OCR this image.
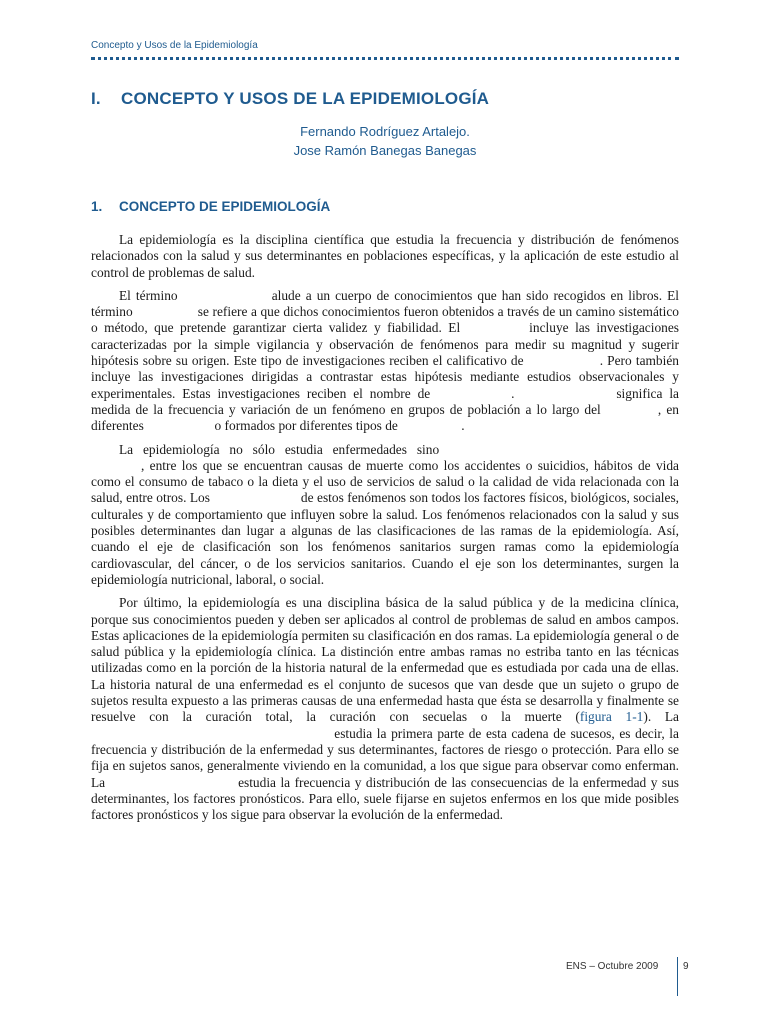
Concepto y Usos de la Epidemiología
I. CONCEPTO Y USOS DE LA EPIDEMIOLOGÍA
Fernando Rodríguez Artalejo.
Jose Ramón Banegas Banegas
1. CONCEPTO DE EPIDEMIOLOGÍA

La epidemiología es la disciplina científica que estudia la frecuencia y distribución de fenómenos relacionados con la salud y sus determinantes en poblaciones específicas, y la aplicación de este estudio al control de problemas de salud.

El término	alude a un cuerpo de conocimientos que han sido recogidos en libros. El término	se refiere a que dichos conocimientos fueron obtenidos a través de un camino sistemático o método, que pretende garantizar cierta validez y fiabilidad. El	incluye las investigaciones caracterizadas por la simple vigilancia y observación de fenómenos para medir su magnitud y sugerir hipótesis sobre su origen. Este tipo de investigaciones reciben el calificativo de	. Pero también incluye las investigaciones dirigidas a contrastar estas hipótesis mediante estudios observacionales y experimentales. Estas investigaciones reciben el nombre de	.	significa la medida de la frecuencia y variación de un fenómeno en grupos de población a lo largo del	, en diferentes	o formados por diferentes tipos de	.

La epidemiología no sólo estudia enfermedades sino  , entre los que se encuentran causas de muerte como los accidentes o suicidios, hábitos de vida como el consumo de tabaco o la dieta y el uso de servicios de salud o la calidad de vida relacionada con la salud, entre otros. Los	de estos fenómenos son todos los factores físicos, biológicos, sociales, culturales y de comportamiento que influyen sobre la salud. Los fenómenos relacionados con la salud y sus posibles determinantes dan lugar a algunas de las clasificaciones de las ramas de la epidemiología. Así, cuando el eje de clasificación son los fenómenos sanitarios surgen ramas como la epidemiología cardiovascular, del cáncer, o de los servicios sanitarios. Cuando el eje son los determinantes, surgen la epidemiología nutricional, laboral, o social.

Por último, la epidemiología es una disciplina básica de la salud pública y de la medicina clínica, porque sus conocimientos pueden y deben ser aplicados al control de problemas de salud en ambos campos. Estas aplicaciones de la epidemiología permiten su clasificación en dos ramas. La epidemiología general o de salud pública y la epidemiología clínica. La distinción entre ambas ramas no estriba tanto en las técnicas utilizadas como en la porción de la historia natural de la enfermedad que es estudiada por cada una de ellas. La historia natural de una enfermedad es el conjunto de sucesos que van desde que un sujeto o grupo de sujetos resulta expuesto a las primeras causas de una enfermedad hasta que ésta se desarrolla y finalmente se resuelve con la curación total, la curación con secuelas o la muerte (figura 1-1). La   estudia la primera parte de esta cadena de sucesos, es decir, la frecuencia y distribución de la enfermedad y sus determinantes, factores de riesgo o protección. Para ello se fija en sujetos sanos, generalmente viviendo en la comunidad, a los que sigue para observar como enferman. La	estudia la frecuencia y distribución de las consecuencias de la enfermedad y sus determinantes, los factores pronósticos. Para ello, suele fijarse en sujetos enfermos en los que mide posibles factores pronósticos y los sigue para observar la evolución de la enfermedad.

ENS – Octubre 2009 9
